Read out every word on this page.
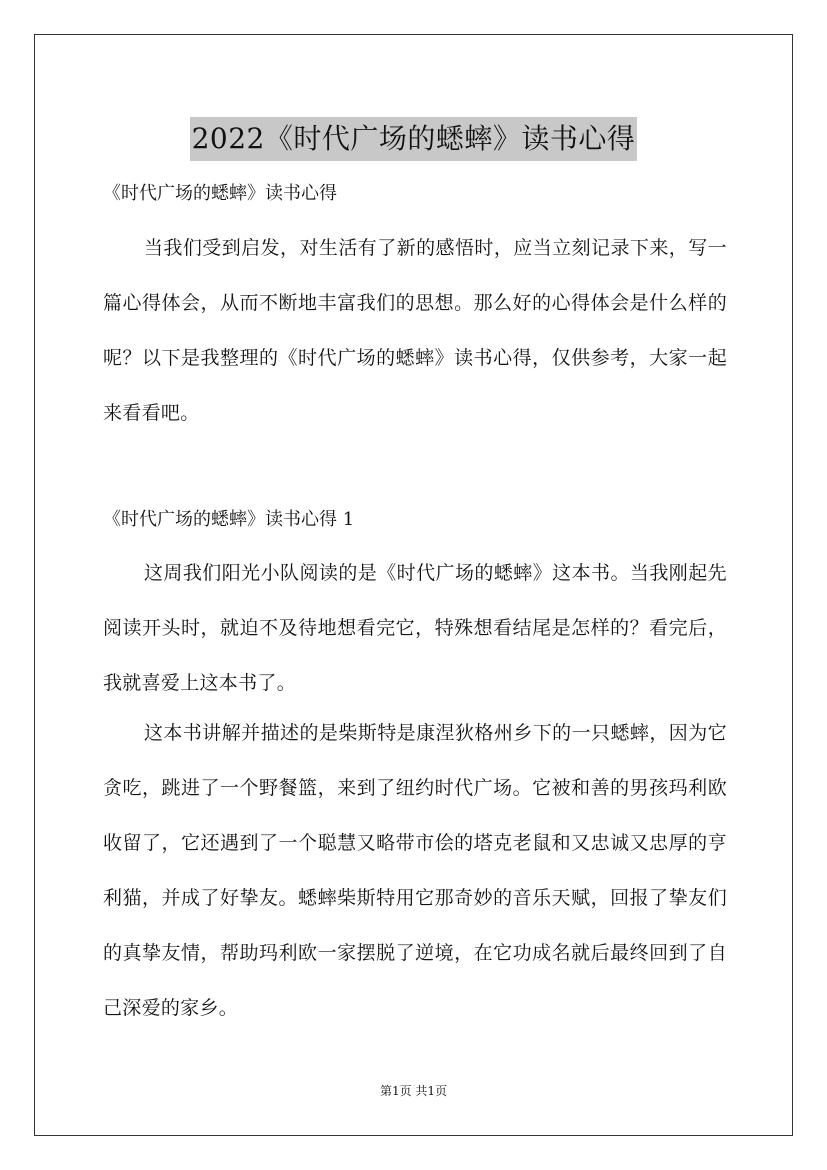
2022《时代广场的蟋蟀》读书心得
《时代广场的蟋蟀》读书心得

当我们受到启发，对生活有了新的感悟时，应当立刻记录下来，写一篇心得体会，从而不断地丰富我们的思想。那么好的心得体会是什么样的呢？以下是我整理的《时代广场的蟋蟀》读书心得，仅供参考，大家一起来看看吧。

《时代广场的蟋蟀》读书心得 1

这周我们阳光小队阅读的是《时代广场的蟋蟀》这本书。当我刚起先阅读开头时，就迫不及待地想看完它，特殊想看结尾是怎样的？看完后，我就喜爱上这本书了。

这本书讲解并描述的是柴斯特是康涅狄格州乡下的一只蟋蟀，因为它贪吃，跳进了一个野餐篮，来到了纽约时代广场。它被和善的男孩玛利欧收留了，它还遇到了一个聪慧又略带市侩的塔克老鼠和又忠诚又忠厚的亨利猫，并成了好挚友。蟋蟀柴斯特用它那奇妙的音乐天赋，回报了挚友们的真挚友情，帮助玛利欧一家摆脱了逆境，在它功成名就后最终回到了自己深爱的家乡。

第1页 共1页
